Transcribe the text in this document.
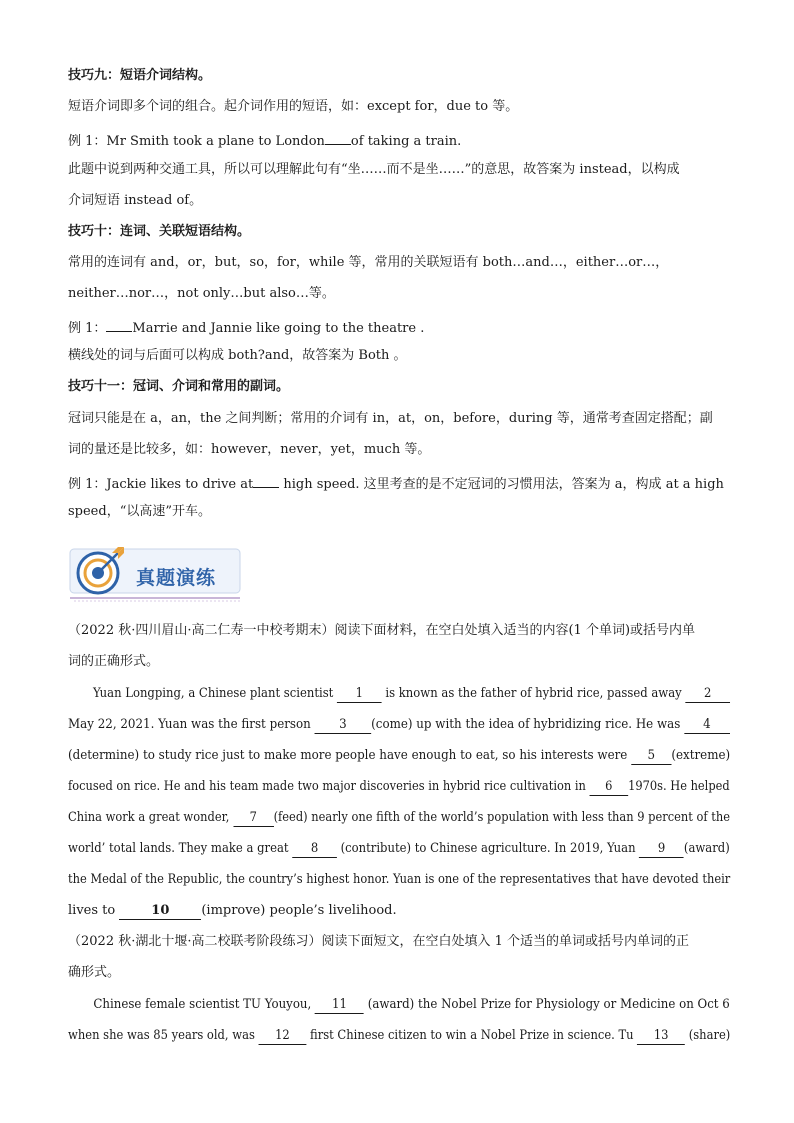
技巧九：短语介词结构。
短语介词即多个词的组合。起介词作用的短语，如：except for，due to 等。
例 1：Mr Smith took a plane to London of taking a train.
此题中说到两种交通工具，所以可以理解此句有“坐……而不是坐……”的意思，故答案为 instead，以构成
介词短语 instead of。
技巧十：连词、关联短语结构。
常用的连词有 and，or，but，so，for，while 等，常用的关联短语有 both…and…，either…or…，
neither…nor…，not only…but also…等。
例 1： Marrie and Jannie like going to the theatre .
横线处的词与后面可以构成 both?and，故答案为 Both 。
技巧十一：冠词、介词和常用的副词。
冠词只能是在 a，an，the 之间判断；常用的介词有 in，at，on，before，during 等，通常考查固定搭配；副
词的量还是比较多，如：however，never，yet，much 等。
例 1：Jackie likes to drive at high speed. 这里考查的是不定冠词的习惯用法，答案为 a，构成 at a high
speed，“以高速”开车。
真题演练
（2022 秋·四川眉山·高二仁寿一中校考期末）阅读下面材料，在空白处填入适当的内容(1 个单词)或括号内单
词的正确形式。
Yuan Longping, a Chinese plant scientist 1 is known as the father of hybrid rice, passed away 2
May 22, 2021. Yuan was the first person 3 (come) up with the idea of hybridizing rice. He was 4
(determine) to study rice just to make more people have enough to eat, so his interests were 5 (extreme)
focused on rice. He and his team made two major discoveries in hybrid rice cultivation in 6 1970s. He helped
China work a great wonder, 7 (feed) nearly one fifth of the world’s population with less than 9 percent of the
world’ total lands. They make a great 8 (contribute) to Chinese agriculture. In 2019, Yuan 9 (award)
the Medal of the Republic, the country’s highest honor. Yuan is one of the representatives that have devoted their
lives to 10 (improve) people’s livelihood.
（2022 秋·湖北十堰·高二校联考阶段练习）阅读下面短文，在空白处填入 1 个适当的单词或括号内单词的正
确形式。
Chinese female scientist TU Youyou, 11 (award) the Nobel Prize for Physiology or Medicine on Oct 6
when she was 85 years old, was 12 first Chinese citizen to win a Nobel Prize in science. Tu 13 (share)
